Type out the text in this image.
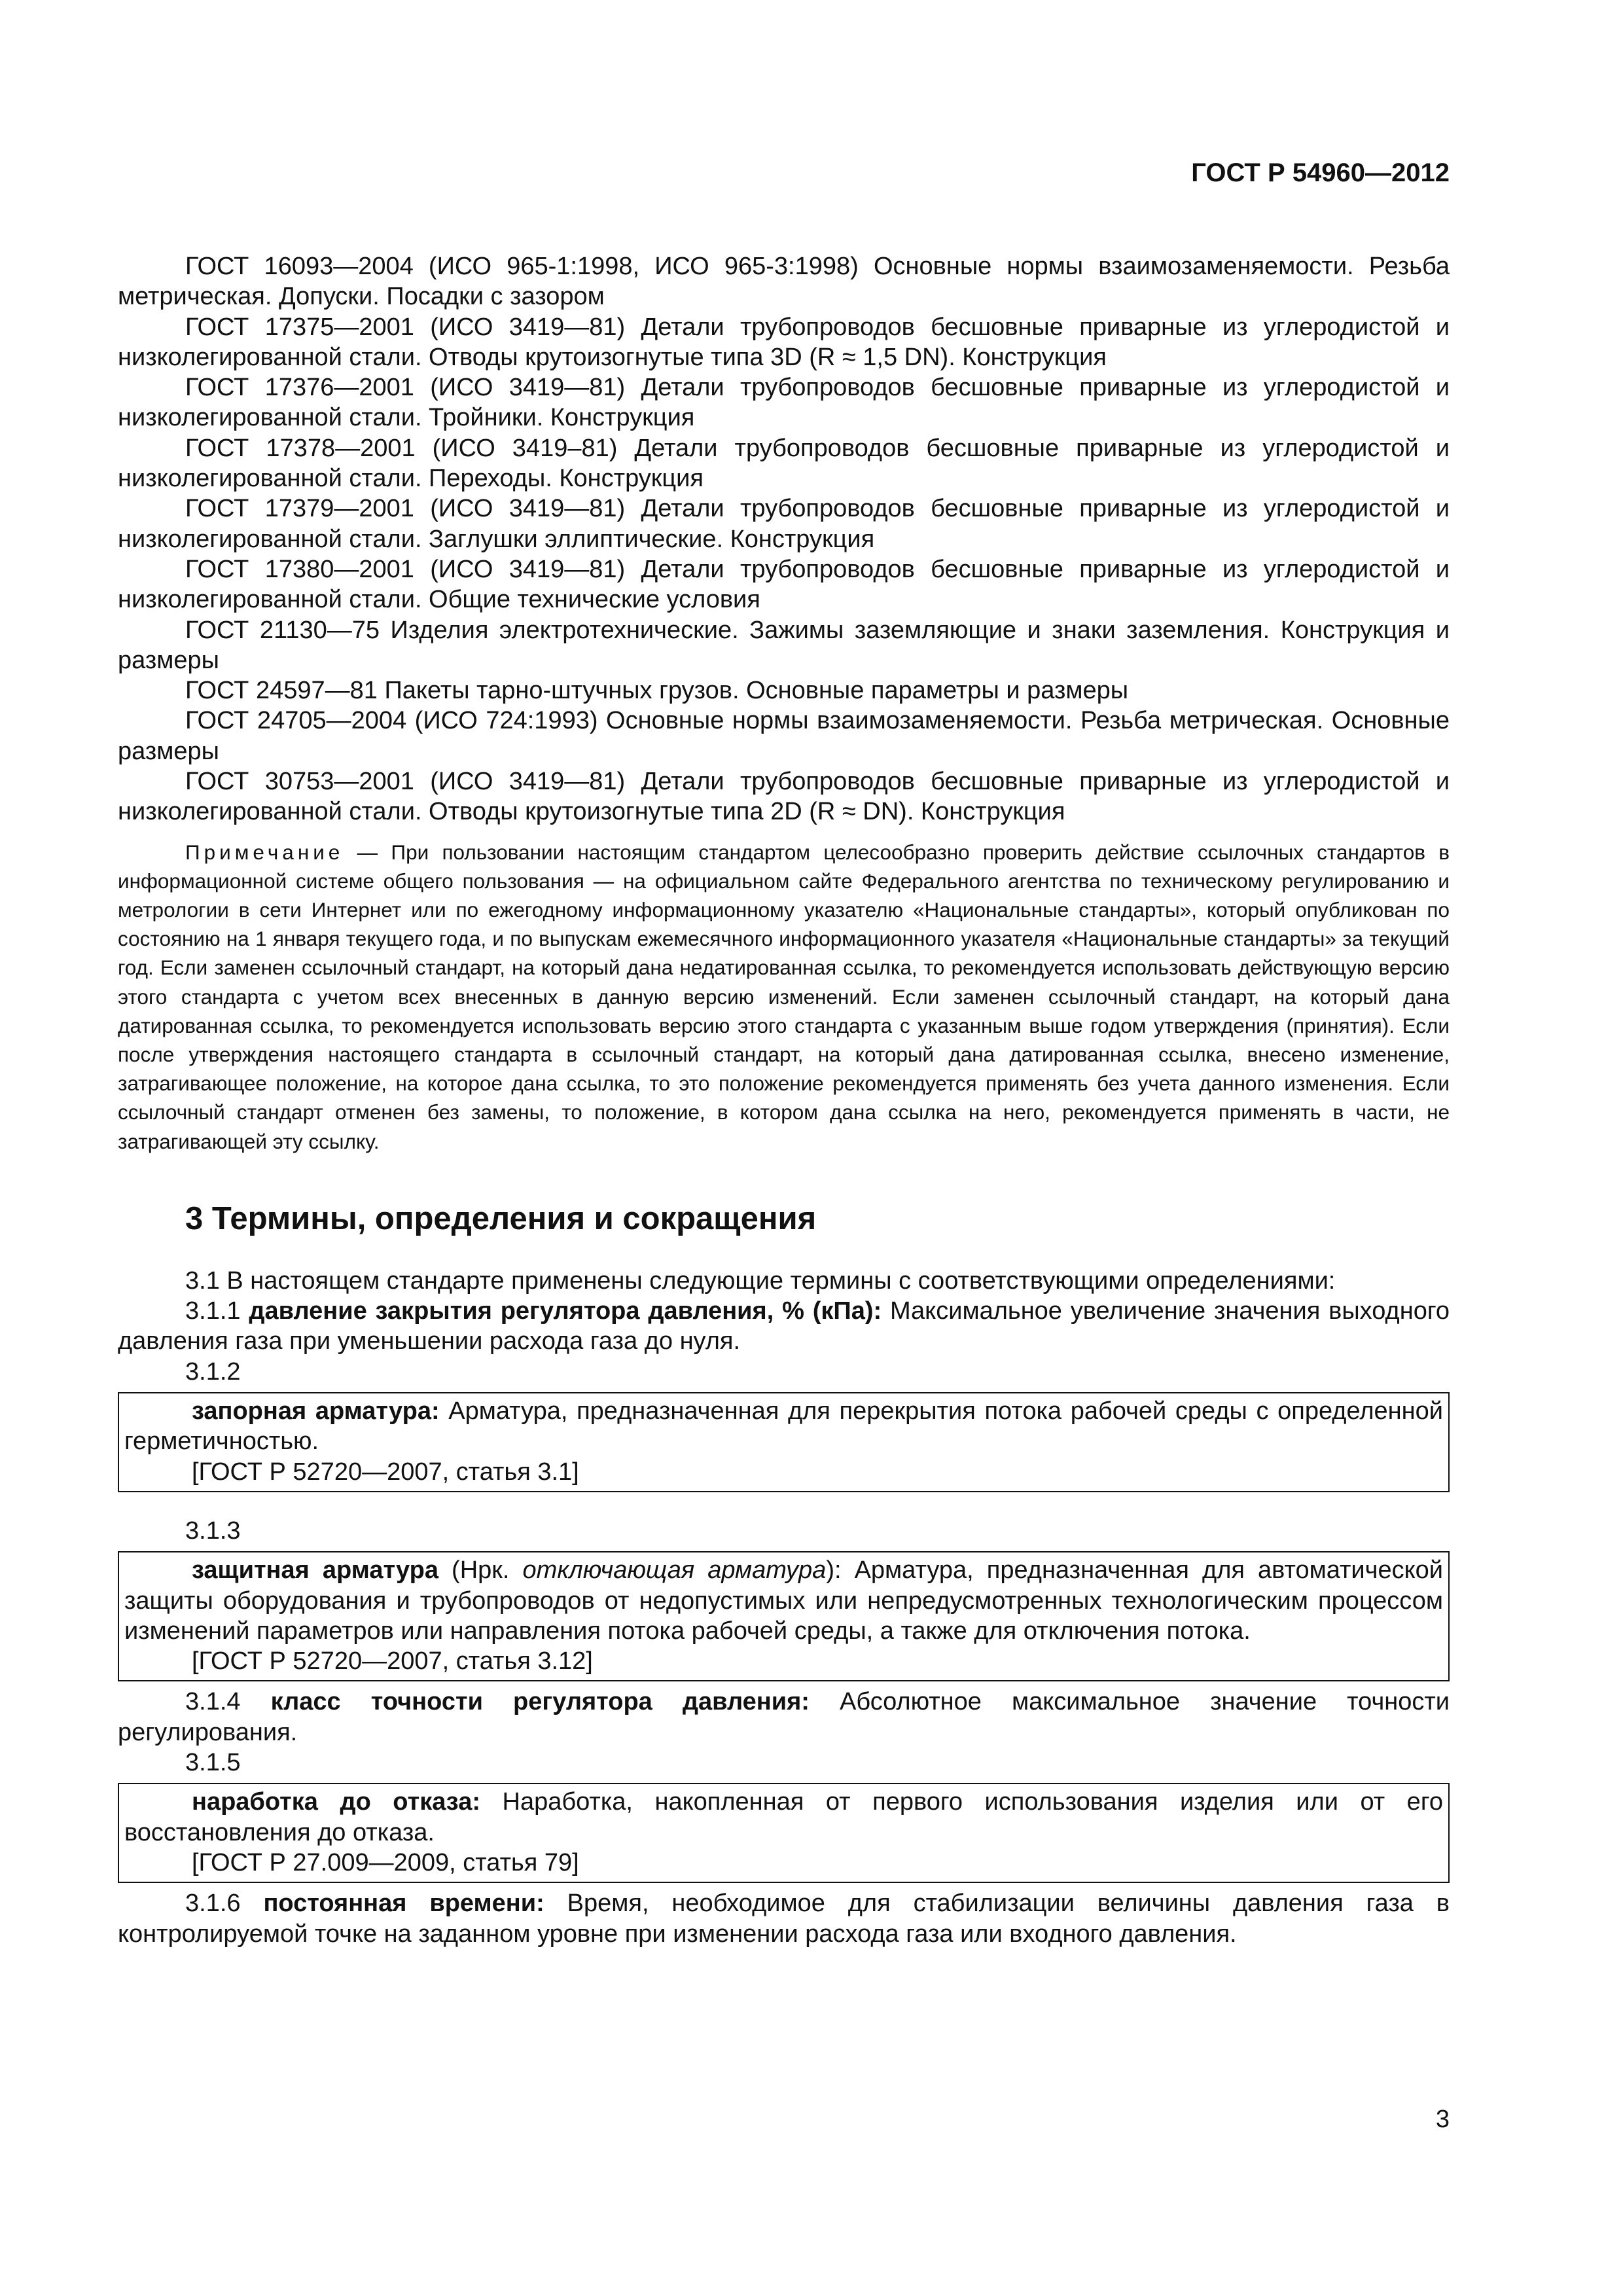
ГОСТ Р 54960—2012

ГОСТ 16093—2004 (ИСО 965-1:1998, ИСО 965-3:1998) Основные нормы взаимозаменяемости. Резьба метрическая. Допуски. Посадки с зазором

ГОСТ 17375—2001 (ИСО 3419—81) Детали трубопроводов бесшовные приварные из углеродистой и низколегированной стали. Отводы крутоизогнутые типа 3D (R ≈ 1,5 DN). Конструкция

ГОСТ 17376—2001 (ИСО 3419—81) Детали трубопроводов бесшовные приварные из углеродистой и низколегированной стали. Тройники. Конструкция

ГОСТ 17378—2001 (ИСО 3419–81) Детали трубопроводов бесшовные приварные из углеродистой и низколегированной стали. Переходы. Конструкция

ГОСТ 17379—2001 (ИСО 3419—81) Детали трубопроводов бесшовные приварные из углеродистой и низколегированной стали. Заглушки эллиптические. Конструкция

ГОСТ 17380—2001 (ИСО 3419—81) Детали трубопроводов бесшовные приварные из углеродистой и низколегированной стали. Общие технические условия

ГОСТ 21130—75 Изделия электротехнические. Зажимы заземляющие и знаки заземления. Конструкция и размеры

ГОСТ 24597—81 Пакеты тарно-штучных грузов. Основные параметры и размеры

ГОСТ 24705—2004 (ИСО 724:1993) Основные нормы взаимозаменяемости. Резьба метрическая. Основные размеры

ГОСТ 30753—2001 (ИСО 3419—81) Детали трубопроводов бесшовные приварные из углеродистой и низколегированной стали. Отводы крутоизогнутые типа 2D (R ≈ DN). Конструкция

Примечание — При пользовании настоящим стандартом целесообразно проверить действие ссылочных стандартов в информационной системе общего пользования — на официальном сайте Федерального агентства по техническому регулированию и метрологии в сети Интернет или по ежегодному информационному указателю «Национальные стандарты», который опубликован по состоянию на 1 января текущего года, и по выпускам ежемесячного информационного указателя «Национальные стандарты» за текущий год. Если заменен ссылочный стандарт, на который дана недатированная ссылка, то рекомендуется использовать действующую версию этого стандарта с учетом всех внесенных в данную версию изменений. Если заменен ссылочный стандарт, на который дана датированная ссылка, то рекомендуется использовать версию этого стандарта с указанным выше годом утверждения (принятия). Если после утверждения настоящего стандарта в ссылочный стандарт, на который дана датированная ссылка, внесено изменение, затрагивающее положение, на которое дана ссылка, то это положение рекомендуется применять без учета данного изменения. Если ссылочный стандарт отменен без замены, то положение, в котором дана ссылка на него, рекомендуется применять в части, не затрагивающей эту ссылку.

3 Термины, определения и сокращения

3.1 В настоящем стандарте применены следующие термины с соответствующими определениями:

3.1.1 давление закрытия регулятора давления, % (кПа): Максимальное увеличение значения выходного давления газа при уменьшении расхода газа до нуля.

3.1.2

запорная арматура: Арматура, предназначенная для перекрытия потока рабочей среды с определенной герметичностью.

[ГОСТ Р 52720—2007, статья 3.1]

3.1.3

защитная арматура (Нрк. отключающая арматура): Арматура, предназначенная для автоматической защиты оборудования и трубопроводов от недопустимых или непредусмотренных технологическим процессом изменений параметров или направления потока рабочей среды, а также для отключения потока.

[ГОСТ Р 52720—2007, статья 3.12]

3.1.4 класс точности регулятора давления: Абсолютное максимальное значение точности регулирования.

3.1.5

наработка до отказа: Наработка, накопленная от первого использования изделия или от его восстановления до отказа.

[ГОСТ Р 27.009—2009, статья 79]

3.1.6 постоянная времени: Время, необходимое для стабилизации величины давления газа в контролируемой точке на заданном уровне при изменении расхода газа или входного давления.

3
